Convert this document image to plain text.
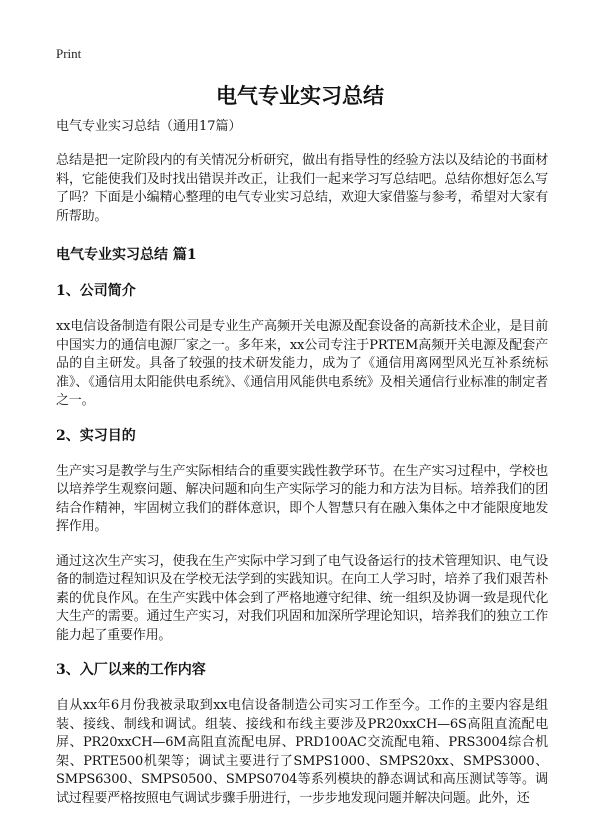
Print
电气专业实习总结
电气专业实习总结（通用17篇）

总结是把一定阶段内的有关情况分析研究，做出有指导性的经验方法以及结论的书面材料，它能使我们及时找出错误并改正，让我们一起来学习写总结吧。总结你想好怎么写了吗？下面是小编精心整理的电气专业实习总结，欢迎大家借鉴与参考，希望对大家有所帮助。

电气专业实习总结 篇1
1、公司简介

xx电信设备制造有限公司是专业生产高频开关电源及配套设备的高新技术企业，是目前中国实力的通信电源厂家之一。多年来，xx公司专注于PRTEM高频开关电源及配套产品的自主研发。具备了较强的技术研发能力，成为了《通信用离网型风光互补系统标准》、《通信用太阳能供电系统》、《通信用风能供电系统》及相关通信行业标准的制定者之一。

2、实习目的

生产实习是教学与生产实际相结合的重要实践性教学环节。在生产实习过程中，学校也以培养学生观察问题、解决问题和向生产实际学习的能力和方法为目标。培养我们的团结合作精神，牢固树立我们的群体意识，即个人智慧只有在融入集体之中才能限度地发挥作用。

通过这次生产实习，使我在生产实际中学习到了电气设备运行的技术管理知识、电气设备的制造过程知识及在学校无法学到的实践知识。在向工人学习时，培养了我们艰苦朴素的优良作风。在生产实践中体会到了严格地遵守纪律、统一组织及协调一致是现代化大生产的需要。通过生产实习，对我们巩固和加深所学理论知识，培养我们的独立工作能力起了重要作用。

3、入厂以来的工作内容

自从xx年6月份我被录取到xx电信设备制造公司实习工作至今。工作的主要内容是组装、接线、制线和调试。组装、接线和布线主要涉及PR20xxCH—6S高阻直流配电屏、PR20xxCH—6M高阻直流配电屏、PRD100AC交流配电箱、PRS3004综合机架、PRTE500机架等；调试主要进行了SMPS1000、SMPS20xx、SMPS3000、SMPS6300、SMPS0500、SMPS0704等系列模块的静态调试和高压测试等等。调试过程要严格按照电气调试步骤手册进行，一步步地发现问题并解决问题。此外，还
